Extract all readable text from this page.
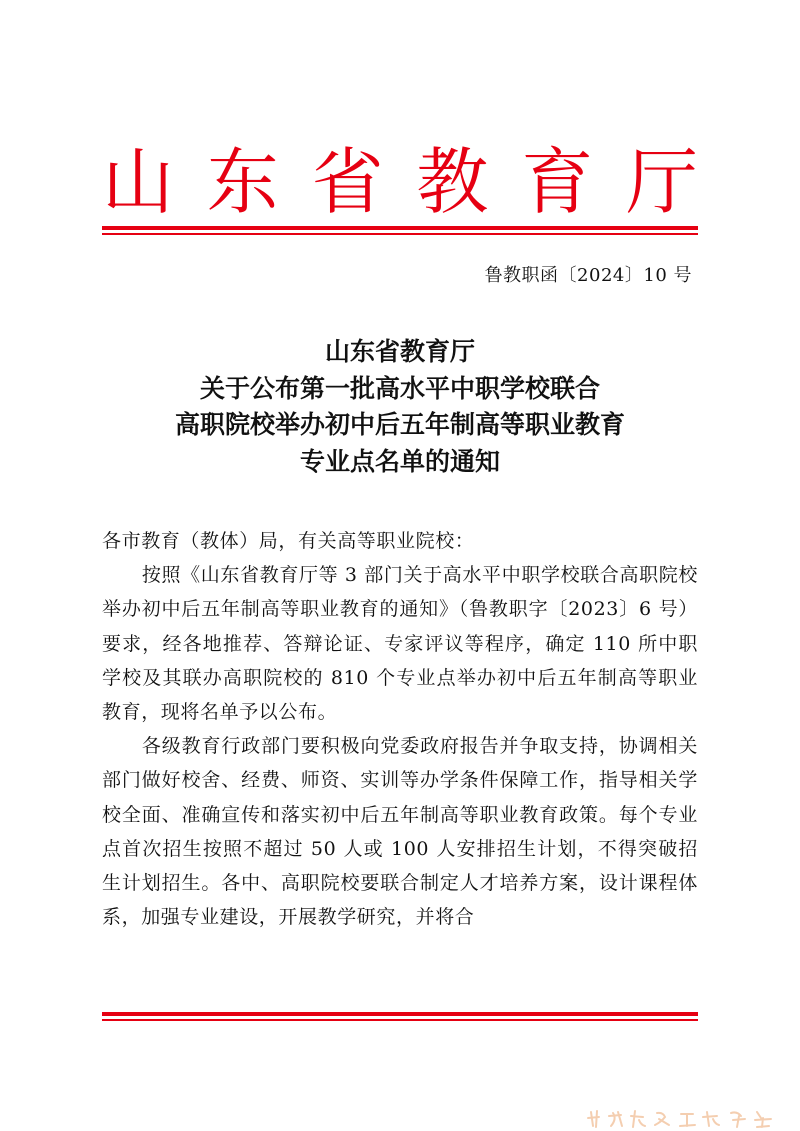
山 东 省 教 育 厅
鲁教职函〔2024〕10 号
山东省教育厅
关于公布第一批高水平中职学校联合
高职院校举办初中后五年制高等职业教育
专业点名单的通知

各市教育（教体）局，有关高等职业院校：

按照《山东省教育厅等 3 部门关于高水平中职学校联合高职院校举办初中后五年制高等职业教育的通知》（鲁教职字〔2023〕6 号）要求，经各地推荐、答辩论证、专家评议等程序，确定 110 所中职学校及其联办高职院校的 810 个专业点举办初中后五年制高等职业教育，现将名单予以公布。

各级教育行政部门要积极向党委政府报告并争取支持，协调相关部门做好校舍、经费、师资、实训等办学条件保障工作，指导相关学校全面、准确宣传和落实初中后五年制高等职业教育政策。每个专业点首次招生按照不超过 50 人或 100 人安排招生计划，不得突破招生计划招生。各中、高职院校要联合制定人才培养方案，设计课程体系，加强专业建设，开展教学研究，并将合
